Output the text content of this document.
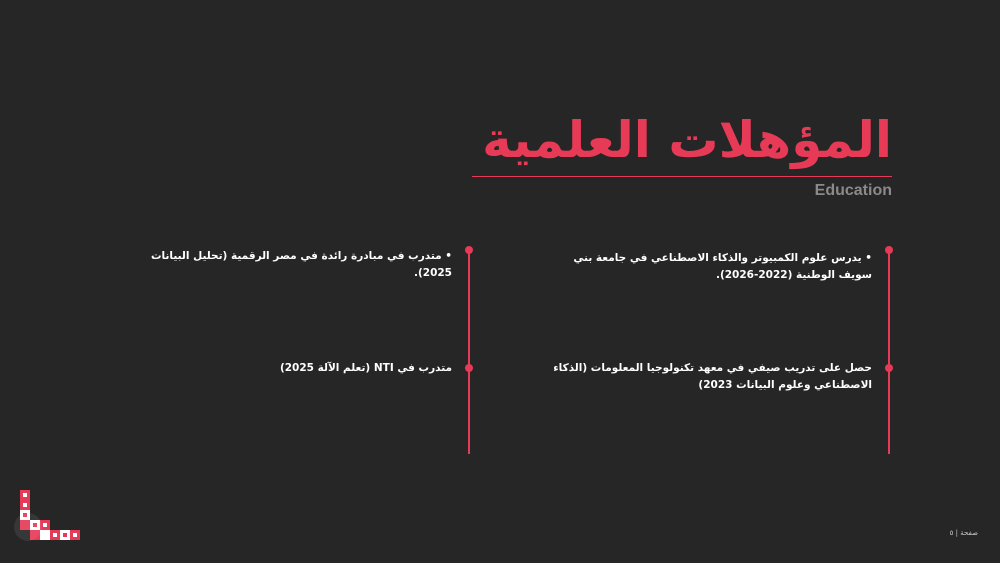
المؤهلات العلمية
Education
• يدرس علوم الكمبيوتر والذكاء الاصطناعي في جامعة بني سويف الوطنية (2022-2026).
حصل على تدريب صيفي في معهد تكنولوجيا المعلومات (الذكاء الاصطناعي وعلوم البيانات 2023)
• متدرب في مبادرة رائدة في مصر الرقمية (تحليل البيانات 2025).
متدرب في NTI (تعلم الآلة 2025)
صفحة | ٥
